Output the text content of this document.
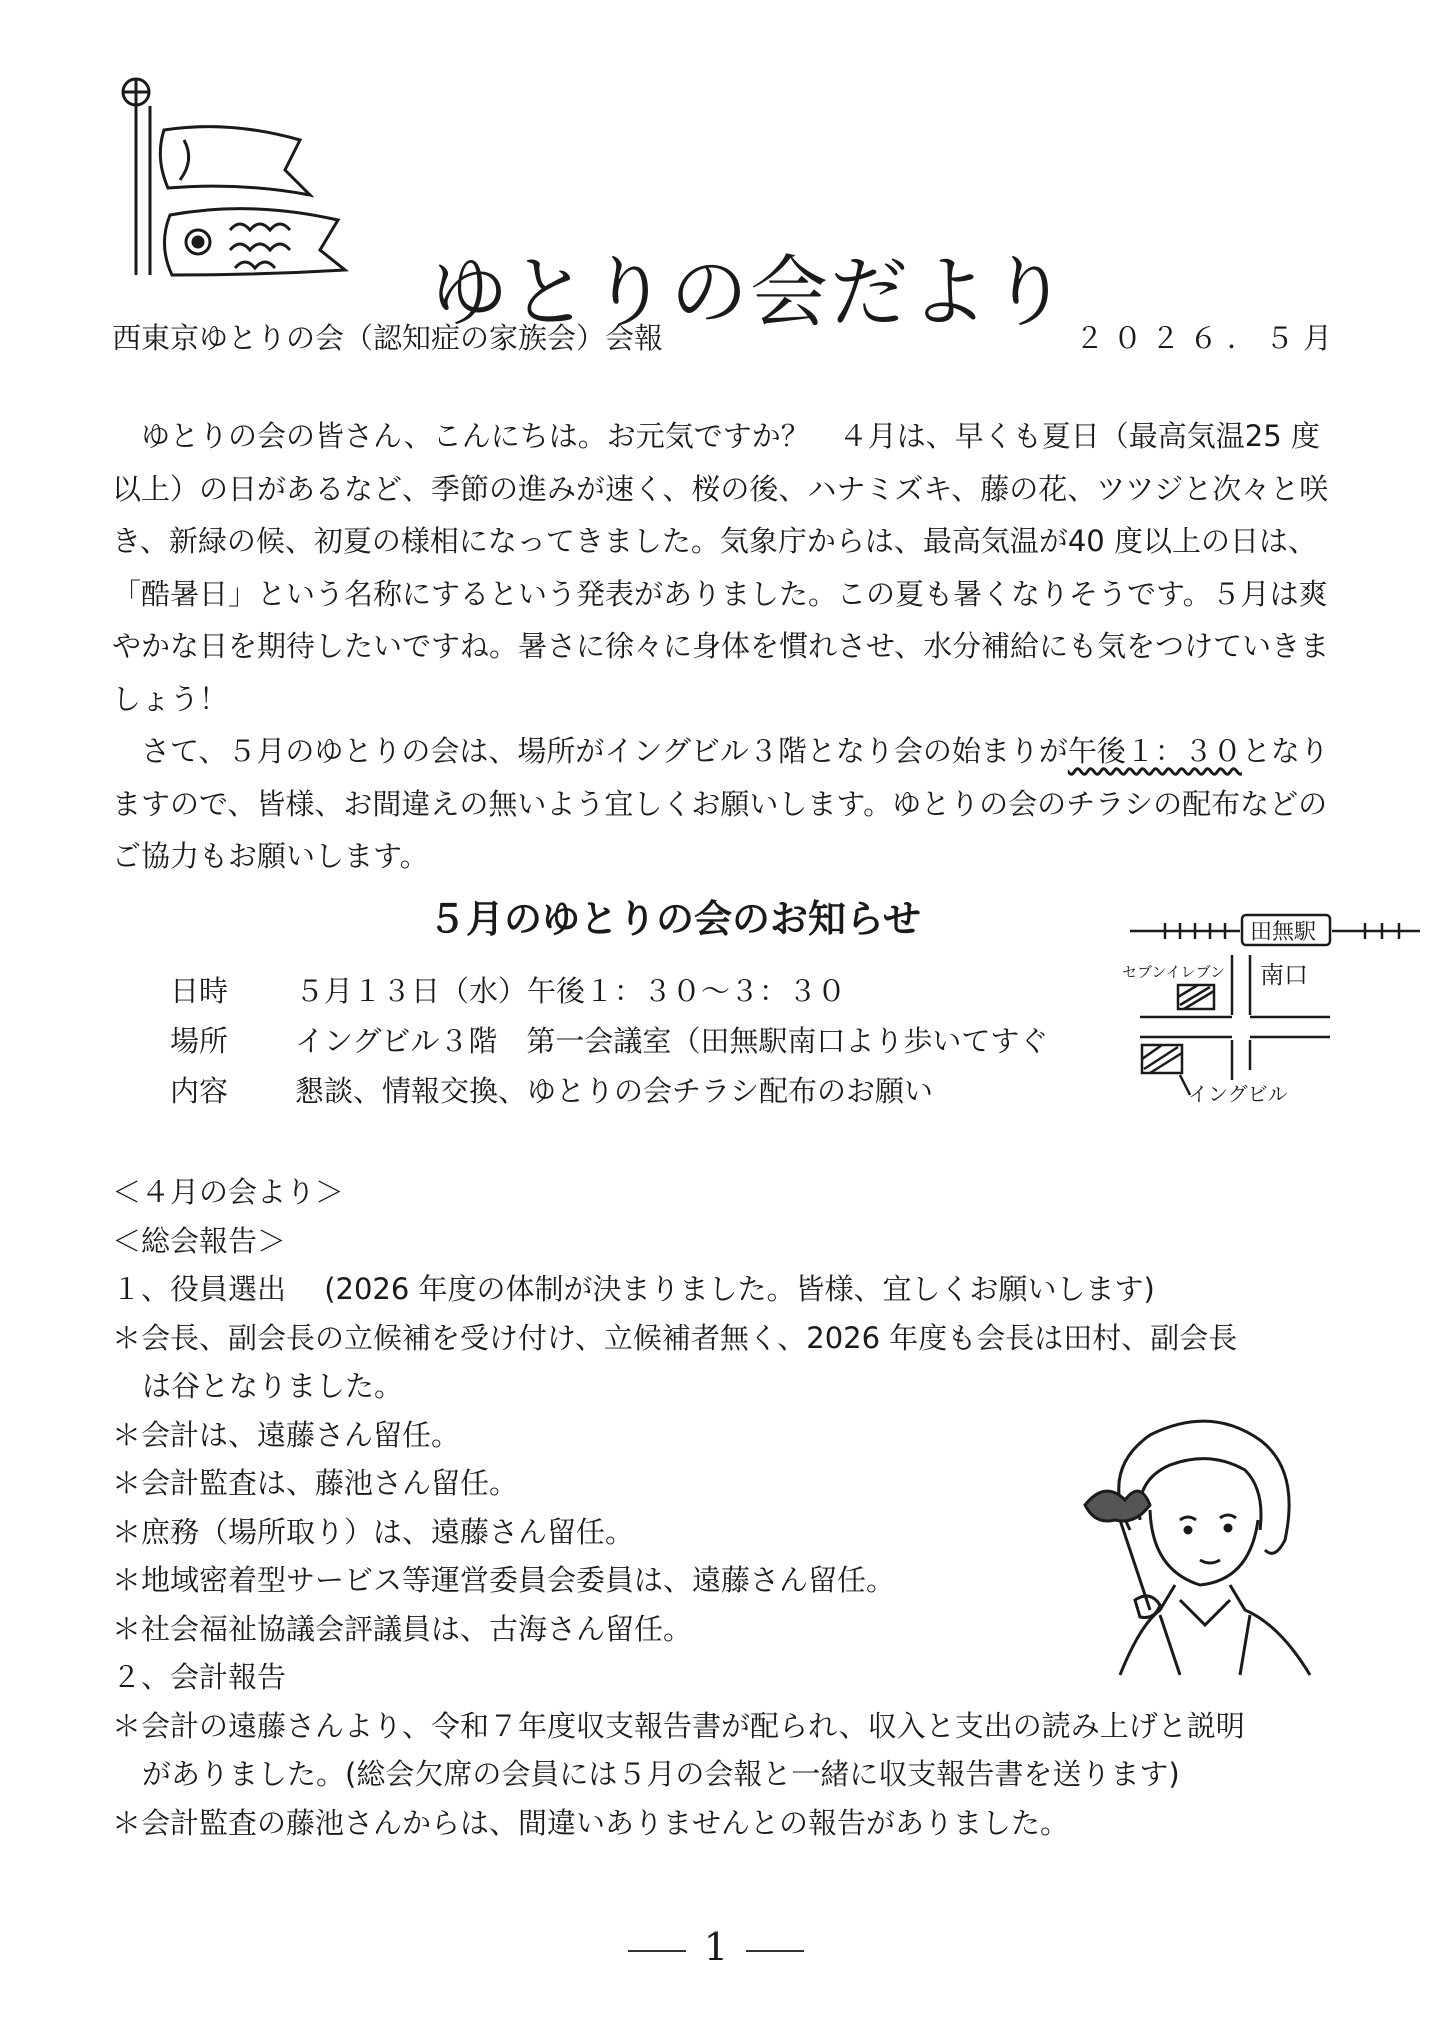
ゆとりの会だより
西東京ゆとりの会（認知症の家族会）会報	２０２６．５月

ゆとりの会の皆さん、こんにちは。お元気ですか？　４月は、早くも夏日（最高気温25 度以上）の日があるなど、季節の進みが速く、桜の後、ハナミズキ、藤の花、ツツジと次々と咲き、新緑の候、初夏の様相になってきました。気象庁からは、最高気温が40 度以上の日は、「酷暑日」という名称にするという発表がありました。この夏も暑くなりそうです。５月は爽やかな日を期待したいですね。暑さに徐々に身体を慣れさせ、水分補給にも気をつけていきましょう！

さて、５月のゆとりの会は、場所がイングビル３階となり会の始まりが午後１：３０となりますので、皆様、お間違えの無いよう宜しくお願いします。ゆとりの会のチラシの配布などのご協力もお願いします。

５月のゆとりの会のお知らせ
日時 ５月１３日（水）午後１：３０～３：３０
場所 イングビル３階　第一会議室（田無駅南口より歩いてすぐ
内容 懇談、情報交換、ゆとりの会チラシ配布のお願い
田無駅
南口
セブンイレブン
イングビル
＜４月の会より＞
＜総会報告＞
１、役員選出　 (2026 年度の体制が決まりました。皆様、宜しくお願いします)
＊会長、副会長の立候補を受け付け、立候補者無く、2026 年度も会長は田村、副会長
は谷となりました。
＊会計は、遠藤さん留任。
＊会計監査は、藤池さん留任。
＊庶務（場所取り）は、遠藤さん留任。
＊地域密着型サービス等運営委員会委員は、遠藤さん留任。
＊社会福祉協議会評議員は、古海さん留任。
２、会計報告
＊会計の遠藤さんより、令和７年度収支報告書が配られ、収入と支出の読み上げと説明
がありました。(総会欠席の会員には５月の会報と一緒に収支報告書を送ります)
＊会計監査の藤池さんからは、間違いありませんとの報告がありました。
1
